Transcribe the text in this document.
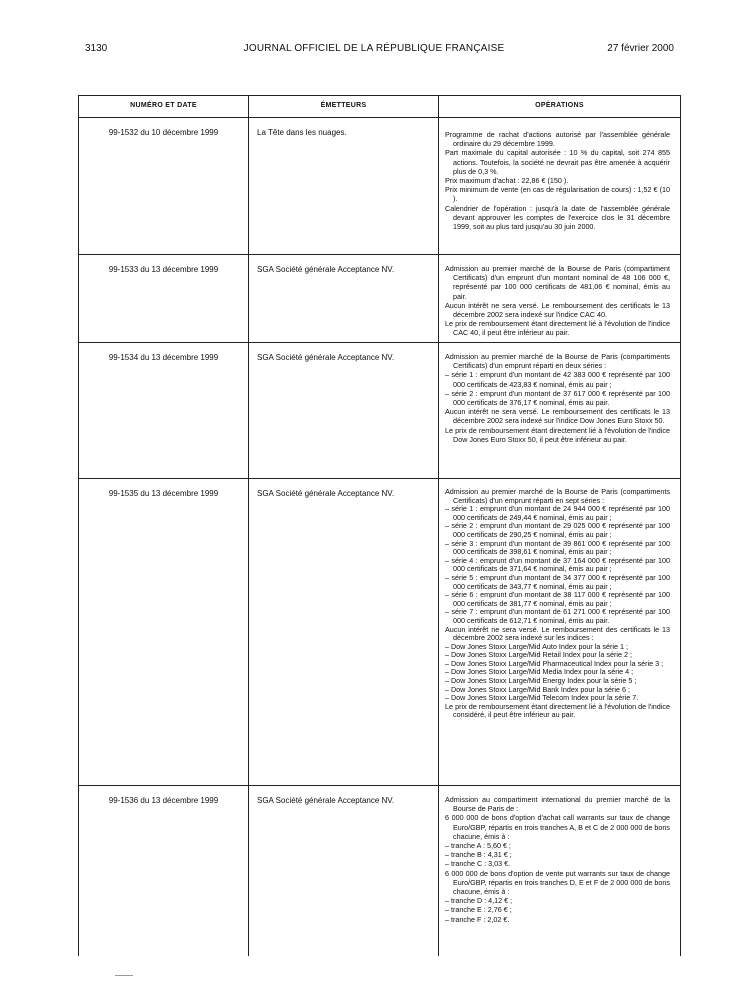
3130	JOURNAL OFFICIEL DE LA RÉPUBLIQUE FRANÇAISE	27 février 2000
NUMÉRO ET DATE	ÉMETTEURS	OPÉRATIONS
99-1532 du 10 décembre 1999	La Tête dans les nuages.	Programme de rachat d'actions autorisé par l'assemblée générale ordinaire du 29 décembre 1999.
Part maximale du capital autorisée : 10 % du capital, soit 274 855 actions. Toutefois, la société ne devrait pas être amenée à acquérir plus de 0,3 %.
Prix maximum d'achat : 22,86 € (150 ).
Prix minimum de vente (en cas de régularisation de cours) : 1,52 € (10 ).
Calendrier de l'opération : jusqu'à la date de l'assemblée générale devant approuver les comptes de l'exercice clos le 31 décembre 1999, soit au plus tard jusqu'au 30 juin 2000.
99-1533 du 13 décembre 1999	SGA Société générale Acceptance NV.	Admission au premier marché de la Bourse de Paris (compartiment Certificats) d'un emprunt d'un montant nominal de 48 106 000 €, représenté par 100 000 certificats de 481,06 € nominal, émis au pair.
Aucun intérêt ne sera versé. Le remboursement des certificats le 13 décembre 2002 sera indexé sur l'indice CAC 40.
Le prix de remboursement étant directement lié à l'évolution de l'indice CAC 40, il peut être inférieur au pair.
99-1534 du 13 décembre 1999	SGA Société générale Acceptance NV.	Admission au premier marché de la Bourse de Paris (compartiments Certificats) d'un emprunt réparti en deux séries :
– série 1 : emprunt d'un montant de 42 383 000 € représenté par 100 000 certificats de 423,83 € nominal, émis au pair ;
– série 2 : emprunt d'un montant de 37 617 000 € représenté par 100 000 certificats de 376,17 € nominal, émis au pair.
Aucun intérêt ne sera versé. Le remboursement des certificats le 13 décembre 2002 sera indexé sur l'indice Dow Jones Euro Stoxx 50.
Le prix de remboursement étant directement lié à l'évolution de l'indice Dow Jones Euro Stoxx 50, il peut être inférieur au pair.
99-1535 du 13 décembre 1999	SGA Société générale Acceptance NV.	Admission au premier marché de la Bourse de Paris (compartiments Certificats) d'un emprunt réparti en sept séries :
– série 1 : emprunt d'un montant de 24 944 000 € représenté par 100 000 certificats de 249,44 € nominal, émis au pair ;
– série 2 : emprunt d'un montant de 29 025 000 € représenté par 100 000 certificats de 290,25 € nominal, émis au pair ;
– série 3 : emprunt d'un montant de 39 861 000 € représenté par 100 000 certificats de 398,61 € nominal, émis au pair ;
– série 4 : emprunt d'un montant de 37 164 000 € représenté par 100 000 certificats de 371,64 € nominal, émis au pair ;
– série 5 : emprunt d'un montant de 34 377 000 € représenté par 100 000 certificats de 343,77 € nominal, émis au pair ;
– série 6 : emprunt d'un montant de 38 117 000 € représenté par 100 000 certificats de 381,77 € nominal, émis au pair ;
– série 7 : emprunt d'un montant de 61 271 000 € représenté par 100 000 certificats de 612,71 € nominal, émis au pair.
Aucun intérêt ne sera versé. Le remboursement des certificats le 13 décembre 2002 sera indexé sur les indices :
– Dow Jones Stoxx Large/Mid Auto Index pour la série 1 ;
– Dow Jones Stoxx Large/Mid Retail Index pour la série 2 ;
– Dow Jones Stoxx Large/Mid Pharmaceutical Index pour la série 3 ;
– Dow Jones Stoxx Large/Mid Media Index pour la série 4 ;
– Dow Jones Stoxx Large/Mid Energy Index pour la série 5 ;
– Dow Jones Stoxx Large/Mid Bank Index pour la série 6 ;
– Dow Jones Stoxx Large/Mid Telecom Index pour la série 7.
Le prix de remboursement étant directement lié à l'évolution de l'indice considéré, il peut être inférieur au pair.
99-1536 du 13 décembre 1999	SGA Société générale Acceptance NV.	Admission au compartiment international du premier marché de la Bourse de Paris de :
6 000 000 de bons d'option d'achat call warrants sur taux de change Euro/GBP, répartis en trois tranches A, B et C de 2 000 000 de bons chacune, émis à :
– tranche A : 5,60 € ;
– tranche B : 4,31 € ;
– tranche C : 3,03 €.
6 000 000 de bons d'option de vente put warrants sur taux de change Euro/GBP, répartis en trois tranches D, E et F de 2 000 000 de bons chacune, émis à :
– tranche D : 4,12 € ;
– tranche E : 2,76 € ;
– tranche F : 2,02 €.
